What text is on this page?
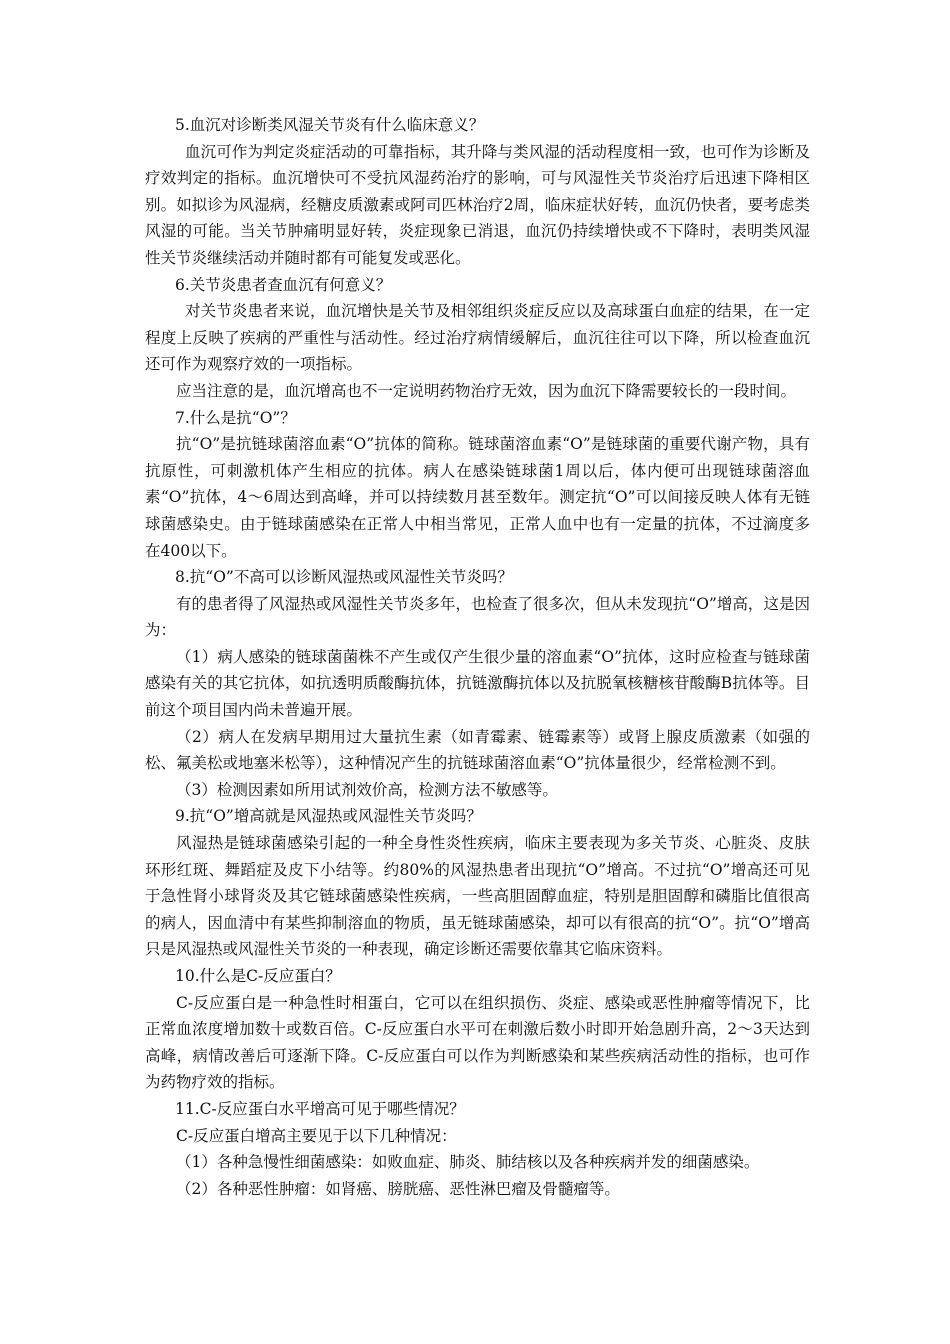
5.血沉对诊断类风湿关节炎有什么临床意义？

血沉可作为判定炎症活动的可靠指标，其升降与类风湿的活动程度相一致，也可作为诊断及疗效判定的指标。血沉增快可不受抗风湿药治疗的影响，可与风湿性关节炎治疗后迅速下降相区别。如拟诊为风湿病，经糖皮质激素或阿司匹林治疗2周，临床症状好转，血沉仍快者，要考虑类风湿的可能。当关节肿痛明显好转，炎症现象已消退，血沉仍持续增快或不下降时，表明类风湿性关节炎继续活动并随时都有可能复发或恶化。

6.关节炎患者查血沉有何意义？

对关节炎患者来说，血沉增快是关节及相邻组织炎症反应以及高球蛋白血症的结果，在一定程度上反映了疾病的严重性与活动性。经过治疗病情缓解后，血沉往往可以下降，所以检查血沉还可作为观察疗效的一项指标。

应当注意的是，血沉增高也不一定说明药物治疗无效，因为血沉下降需要较长的一段时间。

7.什么是抗“O”？

抗“O”是抗链球菌溶血素“O”抗体的简称。链球菌溶血素“O”是链球菌的重要代谢产物，具有抗原性，可刺激机体产生相应的抗体。病人在感染链球菌1周以后，体内便可出现链球菌溶血素“O”抗体，4～6周达到高峰，并可以持续数月甚至数年。测定抗“O”可以间接反映人体有无链球菌感染史。由于链球菌感染在正常人中相当常见，正常人血中也有一定量的抗体，不过滴度多在400以下。

8.抗“O”不高可以诊断风湿热或风湿性关节炎吗？

有的患者得了风湿热或风湿性关节炎多年，也检查了很多次，但从未发现抗“O”增高，这是因为：

（1）病人感染的链球菌菌株不产生或仅产生很少量的溶血素“O”抗体，这时应检查与链球菌感染有关的其它抗体，如抗透明质酸酶抗体，抗链激酶抗体以及抗脱氧核糖核苷酸酶B抗体等。目前这个项目国内尚未普遍开展。

（2）病人在发病早期用过大量抗生素（如青霉素、链霉素等）或肾上腺皮质激素（如强的松、氟美松或地塞米松等），这种情况产生的抗链球菌溶血素“O”抗体量很少，经常检测不到。

（3）检测因素如所用试剂效价高，检测方法不敏感等。

9.抗“O”增高就是风湿热或风湿性关节炎吗？

风湿热是链球菌感染引起的一种全身性炎性疾病，临床主要表现为多关节炎、心脏炎、皮肤环形红斑、舞蹈症及皮下小结等。约80%的风湿热患者出现抗“O”增高。不过抗“O”增高还可见于急性肾小球肾炎及其它链球菌感染性疾病，一些高胆固醇血症，特别是胆固醇和磷脂比值很高的病人，因血清中有某些抑制溶血的物质，虽无链球菌感染，却可以有很高的抗“O”。抗“O”增高只是风湿热或风湿性关节炎的一种表现，确定诊断还需要依靠其它临床资料。

10.什么是C-反应蛋白？

C-反应蛋白是一种急性时相蛋白，它可以在组织损伤、炎症、感染或恶性肿瘤等情况下，比正常血浓度增加数十或数百倍。C-反应蛋白水平可在刺激后数小时即开始急剧升高，2～3天达到高峰，病情改善后可逐渐下降。C-反应蛋白可以作为判断感染和某些疾病活动性的指标，也可作为药物疗效的指标。

11.C-反应蛋白水平增高可见于哪些情况？

C-反应蛋白增高主要见于以下几种情况：

（1）各种急慢性细菌感染：如败血症、肺炎、肺结核以及各种疾病并发的细菌感染。

（2）各种恶性肿瘤：如肾癌、膀胱癌、恶性淋巴瘤及骨髓瘤等。
